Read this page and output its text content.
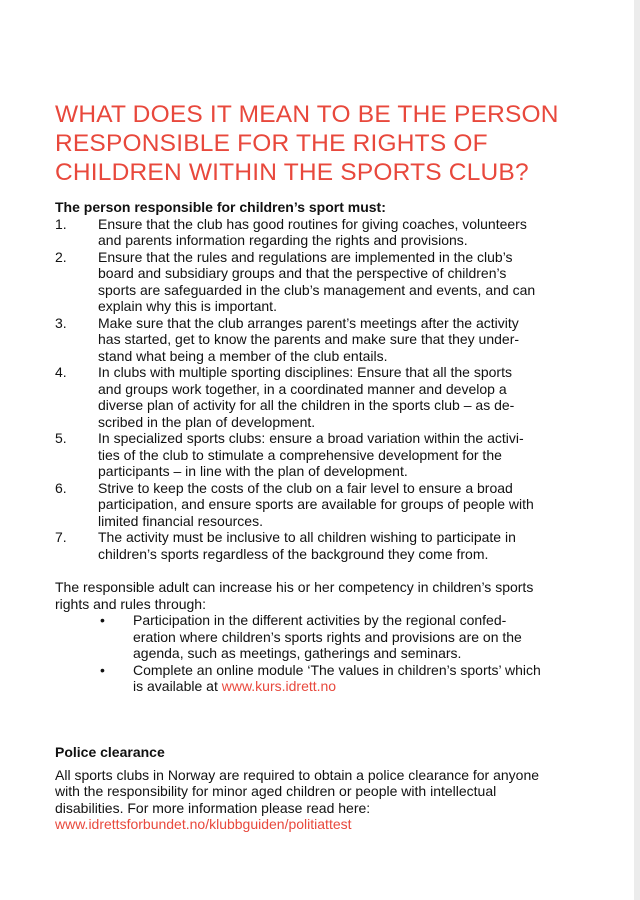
WHAT DOES IT MEAN TO BE THE PERSON
RESPONSIBLE FOR THE RIGHTS OF
CHILDREN WITHIN THE SPORTS CLUB?
The person responsible for children’s sport must:
1.	Ensure that the club has good routines for giving coaches, volunteers
and parents information regarding the rights and provisions.
2.	Ensure that the rules and regulations are implemented in the club’s
board and subsidiary groups and that the perspective of children’s
sports are safeguarded in the club’s management and events, and can
explain why this is important.
3.	Make sure that the club arranges parent’s meetings after the activity
has started, get to know the parents and make sure that they under-
stand what being a member of the club entails.
4.	In clubs with multiple sporting disciplines: Ensure that all the sports
and groups work together, in a coordinated manner and develop a
diverse plan of activity for all the children in the sports club – as de-
scribed in the plan of development.
5.	In specialized sports clubs: ensure a broad variation within the activi-
ties of the club to stimulate a comprehensive development for the
participants – in line with the plan of development.
6.	Strive to keep the costs of the club on a fair level to ensure a broad
participation, and ensure sports are available for groups of people with
limited financial resources.
7.	The activity must be inclusive to all children wishing to participate in
children’s sports regardless of the background they come from.
The responsible adult can increase his or her competency in children’s sports
rights and rules through:
•	Participation in the different activities by the regional confed-
eration where children’s sports rights and provisions are on the
agenda, such as meetings, gatherings and seminars.
•	Complete an online module ‘The values in children’s sports’ which
is available at www.kurs.idrett.no
Police clearance
All sports clubs in Norway are required to obtain a police clearance for anyone
with the responsibility for minor aged children or people with intellectual
disabilities. For more information please read here:
www.idrettsforbundet.no/klubbguiden/politiattest
